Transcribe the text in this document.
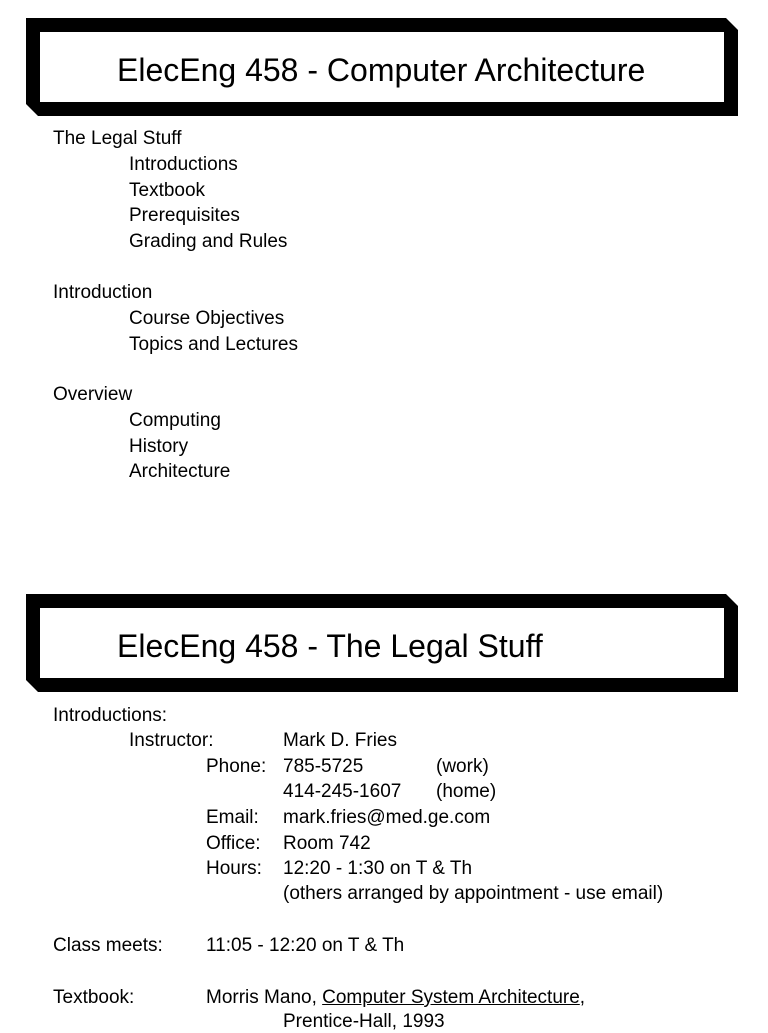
ElecEng 458 - Computer Architecture
The Legal Stuff
Introductions
Textbook
Prerequisites
Grading and Rules
Introduction
Course Objectives
Topics and Lectures
Overview
Computing
History
Architecture
ElecEng 458 - The Legal Stuff
Introductions:
Instructor:	Mark D. Fries
Phone: 785-5725	(work)
414-245-1607 (home)
Email: mark.fries@med.ge.com
Office: Room 742
Hours: 12:20 - 1:30 on T & Th
(others arranged by appointment - use email)
Class meets: 11:05 - 12:20 on T & Th
Textbook:	Morris Mano, Computer System Architecture,
Prentice-Hall, 1993
